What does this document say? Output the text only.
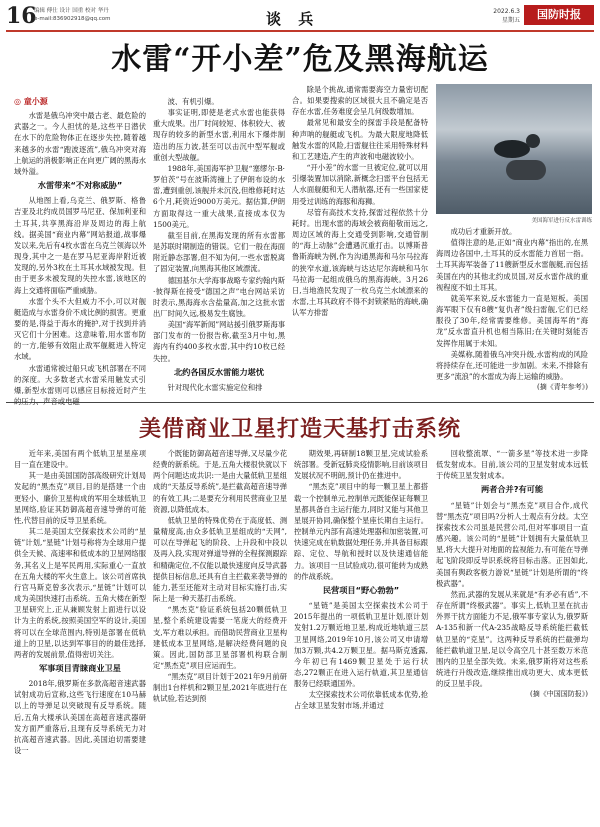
16
编辑 傅仕 设计 国重 校对 华丹
e-mail:836902918@qq.com	谈 兵	2022.6.3
星期五	国防时报
水雷“开小差”危及黑海航运
◎ 童小源

水雷是俄乌冲突中最古老、最危险的武器之一。今人担忧的是,这些平日潜伏在水下的危险物体正在逐步失控,随着越来越多的水雷“跑波逐流”,俄乌冲突对海上航运的消极影响正在向更广阔的黑海水域外溢。

水雷带来“不对称威胁”

从地图上看,乌克兰、俄罗斯、格鲁吉亚及北约成员国罗马尼亚、保加利亚和土耳其,共享黑海沿岸及周边的海上航线。据美国“商业内幕”网站报道,战事爆发以来,先后有4枚水雷在乌克兰领海以外现身,其中之一是在罗马尼亚海岸附近被发现的,另外3枚在土耳其水域被发现。但由于更多未被发现的失控水雷,该地区的海上交通将面临严重威胁。

水雷个头不大但威力不小,可以对舰艇造成与水雷身价不成比例的损害。更重要的是,得益于海水的掩护,对于找到并消灭它们十分困难。这意味着,用水雷布防的一方,能够有效阻止敌军舰艇进入特定水域。

水雷通常被过船只或飞机部署在不同的深度。大多数老式水雷采用触发式引爆,新型水雷则可以感应目标接近时产生的压力、声音或电磁

波、有机引爆。

事实证明,即使是老式水雷也能获得重大成果。出厂时间较短、体积较大、被现存的较多的新型水雷,利用水下爆炸制造出的压力波,甚至可以击沉中型军舰或重创大型战舰。

1988年,美国海军护卫舰“塞缪尔·B·罗伯茨”号在波斯湾撞上了伊朗布设的水雷,遭到重创,该舰并未沉没,但维修耗时达6个月,耗资近9000万美元。据估算,伊朗方面取得这一重大战果,直接成本仅为1500美元。

截至目前,在黑海发现的所有水雷都是苏联时期制造的错误。它们一般在海面附近静态部署,但不知为何,一些水雷脱离了固定装置,向黑海其他区域漂流。

德国基尔大学海事战略专家约翰内斯·彼得斯在接受“德国之声”电台网站采访时表示,黑海海水含盐量高,加之这批水雷出厂时间久远,极易发生腐蚀。

美国“海军新闻”网站援引俄罗斯海事部门发布的一份报告称,截至3月中旬,黑海内有约400多枚水雷,其中约10枚已经失控。

北约各国反水雷能力堪忧

针对现代化水雷实施定位和排

除是个挑战,通常需要海空力量密切配合。如果要搜索的区域很大且不确定是否存在水雷,任务难度会呈几何级数增加。

最常见和最安全的探雷手段是配备特种声呐的舰艇或飞机。为最大限度地降低触发水雷的风险,扫雷舰往往采用特殊材料和工艺建造,产生的声波和电磁波较小。

“开小差”的水雷一旦被定位,就可以用引爆装置加以消除,新概念扫雷平台包括无人水面舰艇和无人潜航器,还有一些国家使用受过训练的海豚和海狮。

尽管有高技术支持,探雷过程依然十分耗时。出现水雷的海域会被商船敬而远之,周边区域的海上交通受到影响,交通管制的“海上动脉”会遭遇沉重打击。以博斯普鲁斯海峡为例,作为沟通黑海和马尔马拉海的狭窄水道,该海峡与达达尼尔海峡和马尔马拉海一起组成俄乌的黑海海峡。3月26日,当地渔民发现了一枚乌克兰水域漂来的水雷,土耳其政府不得不封锁紧贴的海峡,确认军方排雷

美国海军进行反水雷训练

成功后才重新开放。

值得注意的是,正如“商业内幕”指出的,在黑海周边各国中,土耳其的反水雷能力首屈一指。土耳其海军装备了11艘新型反水雷舰艇,而包括美国在内的其他北约成员国,对反水雷作战的重视程度不如土耳其。

就美军来说,反水雷能力一直是短板。美国海军眼下仅有8艘“复仇者”级扫雷舰,它们已经服役了30年,经常需要维修。美国海军的“海龙”反水雷直升机也相当陈旧;在关键时刻能否发挥作用属于未知。

美媒称,随着俄乌冲突升级,水雷构成的风险将持续存在,还可能进一步加剧。未来,不排除有更多“流浪”的水雷成为海上运输的威胁。

(摘《青年参考》)
美借商业卫星打造天基打击系统

近年来,美国有两个低轨卫星星座项目一直在建设中。

其一是由美国国防部高级研究计划局发起的“黑杰克”项目,目的是搭建一个由更轻小、廉价卫星构成的军用全球低轨卫星网络,验证其防御高超音速导弹的可能性,代替目前的反导卫星系统。

其二是美国太空探索技术公司的“星链”计划,“星链”计划号称将为全球用户提供全天候、高速率和低成本的卫星网络服务,其名义上是军民两用,实际重心一直放在五角大楼的军火生意上。该公司首席执行官马斯克曾多次表示,“星链”计划可以成为美国快速打击系统。五角大楼在新型卫星研究上,正从兼顾发射上面进行以设计为主的系统,按照美国空军的设计,美国将可以在全球范围内,特别是部署在低轨道上的卫星,以达到军事目的的最佳选择,两者的发展前景,值得密切关注。

军事项目青睐商业卫星

2018年,俄罗斯在多款高超音速武器试射成功后宣称,这些飞行速度在10马赫以上的导弹足以突破现有反导系统。随后,五角大楼承认美国在高超音速武器研发方面严重落后,且现有反导系统无力对抗高超音速武器。因此,美国迫切需要建设一

个既能防御高超音速导弹,又尽量少花经费的新系统。于是,五角大楼很快就以下两个问题达成共识:一是由大量低轨卫星组成的“天基反导系统”,是拦截高超音速导弹的有效工具;二是要充分利用民营商业卫星资源,以降低成本。

低轨卫星的特殊优势在于高度低、测量精度高,由众多低轨卫星组成的“天网”,可以在导弹起飞的阶段、上升段和中段以及再入段,实现对弹道导弹的全程探测跟踪和精确定位,不仅能以最快速度向反导武器提供目标信息,还具有自主拦截来袭导弹的能力,甚至还能对主动对目标实施打击,实际上是一种天基打击系统。

“黑杰克”验证系统包括20颗低轨卫星,整个系统建设需要一笔庞大的经费开支,军方难以承担。而借助民营商业卫星构建低成本卫星网络,是解决经费问题的良策。因此,国防部卫星部署机构联合制定“黑杰克”项目应运而生。

“黑杰克”项目计划于2021年9月前研制出1台样机和2颗卫星,2021年底进行在轨试验,若达到预

期效果,再研制18颗卫星,完成试验系统部署。受新冠肺炎疫情影响,目前该项目发展状况不明朗,预计仍在推进中。

“黑杰克”项目中的每一颗卫星上都搭载一个控制单元,控制单元既能保证每颗卫星都具备自主运行能力,同时又能与其他卫星展开协同,确保整个星座长期自主运行。控制单元内部有高速处理器和加密装置,可快速完成在轨数据处理任务,并具备目标跟踪、定位、导航和授时以及快速通信能力。该项目一旦试验成功,很可能转为成熟的作战系统。

民营项目“野心勃勃”

“星链”是美国太空探索技术公司于2015年提出的一项低轨卫星计划,原计划发射1.2万颗近地卫星,构成近地轨道三层卫星网络,2019年10月,该公司又申请增加3万颗,共4.2万颗卫星。据马斯克透露,今年初已有1469颗卫星处于运行状态,272颗正在进入运行轨道,其卫星通信服务已经联通国外。

太空探索技术公司依靠低成本优势,抢占全球卫星发射市场,并通过

回收整流罩、“一箭多星”等技术进一步降低发射成本。目前,该公司的卫星发射成本远低于传统卫星发射成本。

两者合并?有可能

“星链”计划会与“黑杰克”项目合作,成代替“黑杰克”项目吗?分析人士观点有分歧。太空探索技术公司虽是民营公司,但对军事项目一直感兴趣。该公司的“星链”计划拥有大量低轨卫星,将大大提升对地面的监视能力,有可能在导弹起飞阶段即反导识系统将目标击落。正因如此,美国有舆政客极力游说“星链”计划是所谓的“终极武器”。

然而,武器的发展从来就是“有矛必有盾”,不存在所谓“终极武器”。事实上,低轨卫星在抗击外界干扰方面能力不足,俄军事专家认为,俄罗斯A-135和新一代A-235战略反导系统能拦截低轨卫星的“克星”。这两种反导系统的拦截弹均能拦截轨道卫星,足以令高空几十甚至数万米范围内的卫星全部失效。未来,俄罗斯将对这些系统进行升级改造,继续推出成功更大、成本更低的反卫星手段。

(摘《中国国防报》)
